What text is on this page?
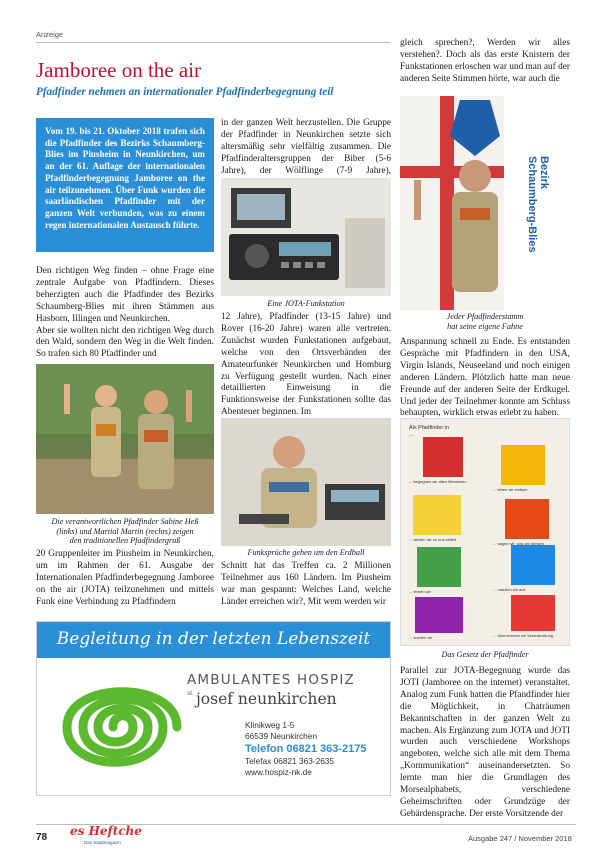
Anzeige
Jamboree on the air
Pfadfinder nehmen an internationaler Pfadfinderbegegnung teil
Vom 19. bis 21. Oktober 2018 trafen sich die Pfadfinder des Bezirks Schaumberg-Blies im Piusheim in Neunkirchen, um an der 61. Auflage der internationalen Pfadfinderbegegnung Jamboree on the air teilzunehmen. Über Funk wurden die saarländischen Pfadfinder mit der ganzen Welt verbunden, was zu einem regen internationalen Austausch führte.

Den richtigen Weg finden – ohne Frage eine zentrale Aufgabe von Pfadfindern. Dieses beherzigten auch die Pfadfinder des Bezirks Schaumberg-Blies mit ihren Stämmen aus Hasborn, Illingen und Neunkirchen.

Aber sie wollten nicht den richtigen Weg durch den Wald, sondern den Weg in die Welt finden. So trafen sich 80 Pfadfinder und

Die verantwortlichen Pfadfinder Sabine Heß
(links) und Martial Martin (rechts) zeigen
den traditionellen Pfadfindergruß

20 Gruppenleiter im Piusheim in Neunkirchen, um im Rahmen der 61. Ausgabe der Internationalen Pfadfinderbegegnung Jamboree on the air (JOTA) teilzunehmen und mittels Funk eine Verbindung zu Pfadfindern

in der ganzen Welt herzustellen. Die Gruppe der Pfadfinder in Neunkirchen setzte sich altersmäßig sehr vielfältig zusammen. Die Pfadfinderaltersgruppen der Biber (5-6 Jahre), der Wölflinge (7-9 Jahre),

Eine JOTA-Funkstation

12 Jahre), Pfadfinder (13-15 Jahre) und Rover (16-20 Jahre) waren alle vertreten. Zunächst wurden Funkstationen aufgebaut, welche von den Ortsverbänden der Amateurfunker Neunkirchen und Homburg zu Verfügung gestellt wurden. Nach einer detaillierten Einweisung in die Funktionsweise der Funkstationen sollte das Abenteuer beginnen. Im

Funksprüche gehen um den Erdball

Schnitt hat das Treffen ca. 2 Millionen Teilnehmer aus 160 Ländern. Im Piusheim war man gespannt: Welches Land, welche Länder erreichen wir?, Mit wem werden wir

gleich sprechen?, Werden wir alles verstehen?. Doch als das erste Knistern der Funkstationen erloschen war und man auf der anderen Seite Stimmen hörte, war auch die

Bezirk
Schaumberg-Blies
Jeder Pfadfinderstamm
hat seine eigene Fahne

Anspannung schnell zu Ende. Es entstanden Gespräche mit Pfadfindern in den USA, Virgin Islands, Neuseeland und noch einigen anderen Ländern. Plötzlich hatte man neue Freunde auf der anderen Seite der Erdkugel. Und jeder der Teilnehmer konnte am Schluss behaupten, wirklich etwas erlebt zu haben.

Als Pfadfinder:in
...
... begegnen wir allen Menschen
... leben wir einfach
... stehen wir zu uns selbst
... sagen wir, was wir denken
... lernen wir	... machen wir aus
... suchen wir	... übernehmen wir Verantwortung
Das Gesetz der Pfadfinder

Parallel zur JOTA-Begegnung wurde das JOTI (Jamboree on the internet) veranstaltet. Analog zum Funk hatten die Pfandfinder hier die Möglichkeit, in Chaträumen Bekanntschaften in der ganzen Welt zu machen. Als Ergänzung zum JOTA und JOTI wurden auch verschiedene Workshops angeboten, welche sich alle mit dem Thema „Kommunikation“ auseinandersetzten. So lernte man hier die Grundlagen des Morsealphabets, verschiedene Geheimschriften oder Grundzüge der Gebärdensprache. Der erste Vorsitzende der

Begleitung in der letzten Lebenszeit
AMBULANTES HOSPIZ
st. josef neunkirchen
Klinikweg 1-5
66539 Neunkirchen
Telefon 06821 363-2175
Telefax 06821 363-2635
www.hospiz-nk.de
78 es Heftche
Das Stadtmagazin	Ausgabe 247 / November 2018
